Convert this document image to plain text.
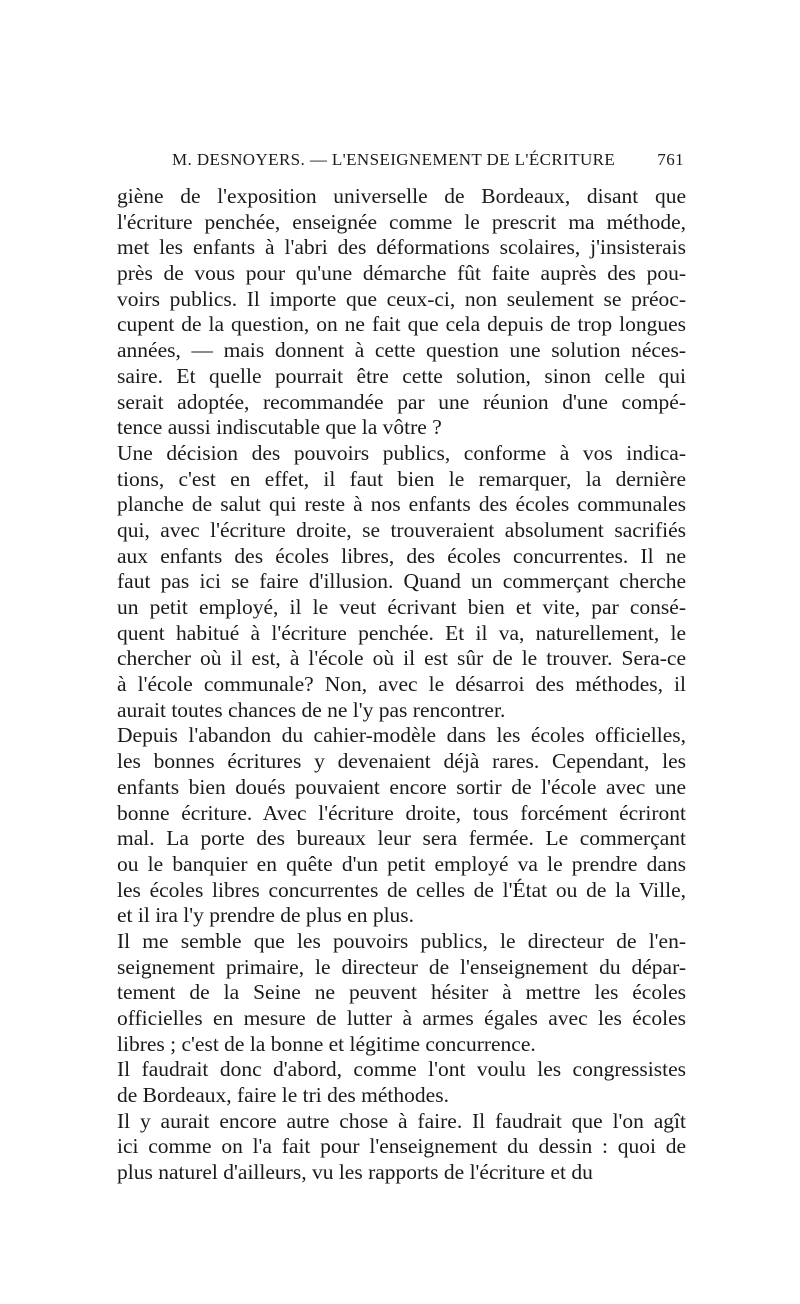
M. DESNOYERS. — L'ENSEIGNEMENT DE L'ÉCRITURE 761
giène de l'exposition universelle de Bordeaux, disant que
l'écriture penchée, enseignée comme le prescrit ma méthode,
met les enfants à l'abri des déformations scolaires, j'insisterais
près de vous pour qu'une démarche fût faite auprès des pou-
voirs publics. Il importe que ceux-ci, non seulement se préoc-
cupent de la question, on ne fait que cela depuis de trop longues
années, — mais donnent à cette question une solution néces-
saire. Et quelle pourrait être cette solution, sinon celle qui
serait adoptée, recommandée par une réunion d'une compé-
tence aussi indiscutable que la vôtre ?
Une décision des pouvoirs publics, conforme à vos indica-
tions, c'est en effet, il faut bien le remarquer, la dernière
planche de salut qui reste à nos enfants des écoles communales
qui, avec l'écriture droite, se trouveraient absolument sacrifiés
aux enfants des écoles libres, des écoles concurrentes. Il ne
faut pas ici se faire d'illusion. Quand un commerçant cherche
un petit employé, il le veut écrivant bien et vite, par consé-
quent habitué à l'écriture penchée. Et il va, naturellement, le
chercher où il est, à l'école où il est sûr de le trouver. Sera-ce
à l'école communale? Non, avec le désarroi des méthodes, il
aurait toutes chances de ne l'y pas rencontrer.
Depuis l'abandon du cahier-modèle dans les écoles officielles,
les bonnes écritures y devenaient déjà rares. Cependant, les
enfants bien doués pouvaient encore sortir de l'école avec une
bonne écriture. Avec l'écriture droite, tous forcément écriront
mal. La porte des bureaux leur sera fermée. Le commerçant
ou le banquier en quête d'un petit employé va le prendre dans
les écoles libres concurrentes de celles de l'État ou de la Ville,
et il ira l'y prendre de plus en plus.
Il me semble que les pouvoirs publics, le directeur de l'en-
seignement primaire, le directeur de l'enseignement du dépar-
tement de la Seine ne peuvent hésiter à mettre les écoles
officielles en mesure de lutter à armes égales avec les écoles
libres ; c'est de la bonne et légitime concurrence.
Il faudrait donc d'abord, comme l'ont voulu les congressistes
de Bordeaux, faire le tri des méthodes.
Il y aurait encore autre chose à faire. Il faudrait que l'on agît
ici comme on l'a fait pour l'enseignement du dessin : quoi de
plus naturel d'ailleurs, vu les rapports de l'écriture et du
